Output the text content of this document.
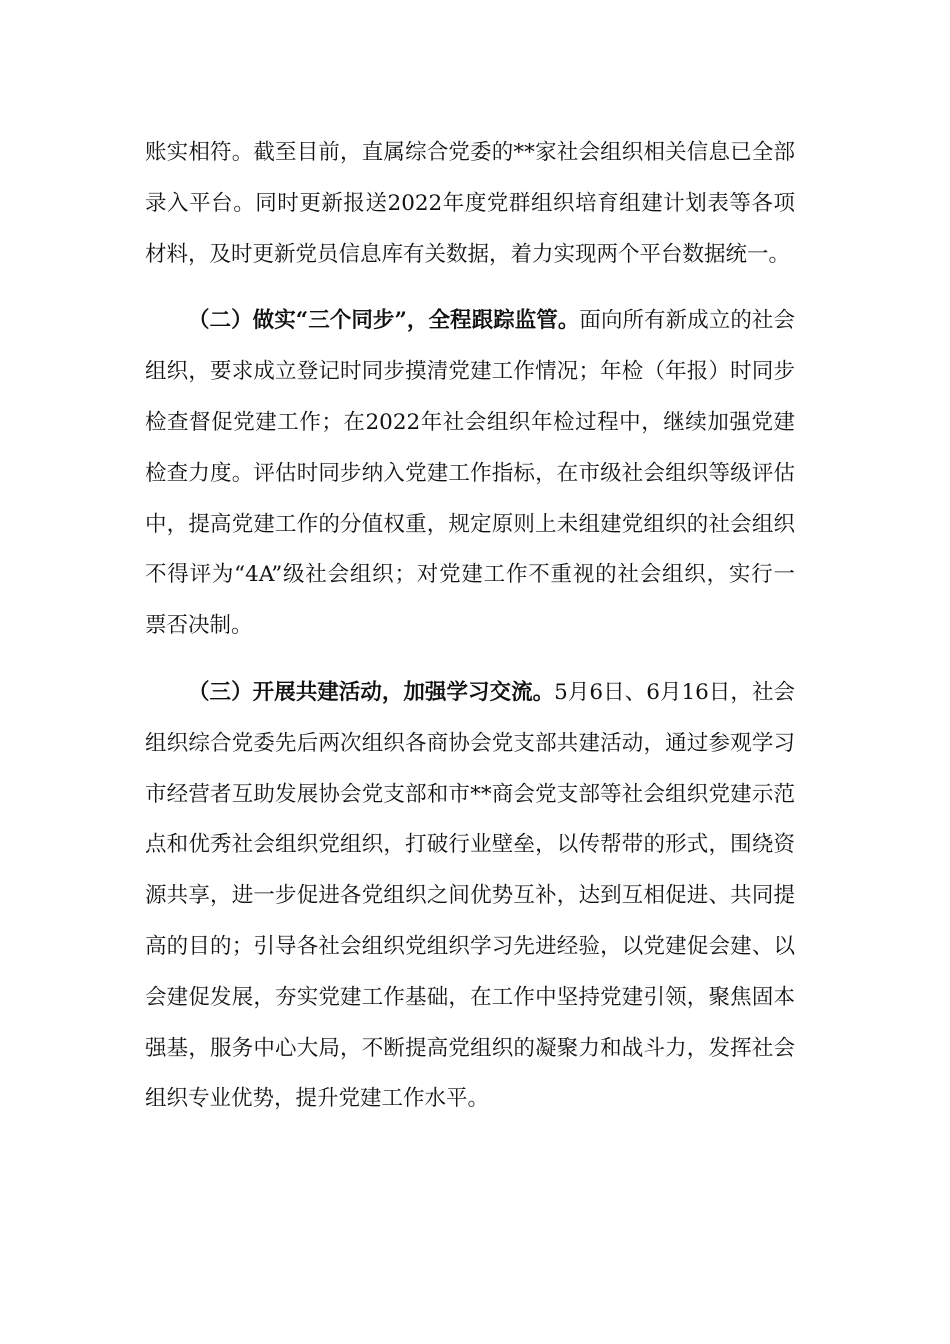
账实相符。截至目前，直属综合党委的**家社会组织相关信息已全部录入平台。同时更新报送2022年度党群组织培育组建计划表等各项材料，及时更新党员信息库有关数据，着力实现两个平台数据统一。

（二）做实“三个同步”，全程跟踪监管。面向所有新成立的社会组织，要求成立登记时同步摸清党建工作情况；年检（年报）时同步检查督促党建工作；在2022年社会组织年检过程中，继续加强党建检查力度。评估时同步纳入党建工作指标，在市级社会组织等级评估中，提高党建工作的分值权重，规定原则上未组建党组织的社会组织不得评为“4A”级社会组织；对党建工作不重视的社会组织，实行一票否决制。

（三）开展共建活动，加强学习交流。5月6日、6月16日，社会组织综合党委先后两次组织各商协会党支部共建活动，通过参观学习市经营者互助发展协会党支部和市**商会党支部等社会组织党建示范点和优秀社会组织党组织，打破行业壁垒，以传帮带的形式，围绕资源共享，进一步促进各党组织之间优势互补，达到互相促进、共同提高的目的；引导各社会组织党组织学习先进经验，以党建促会建、以会建促发展，夯实党建工作基础，在工作中坚持党建引领，聚焦固本强基，服务中心大局，不断提高党组织的凝聚力和战斗力，发挥社会组织专业优势，提升党建工作水平。
